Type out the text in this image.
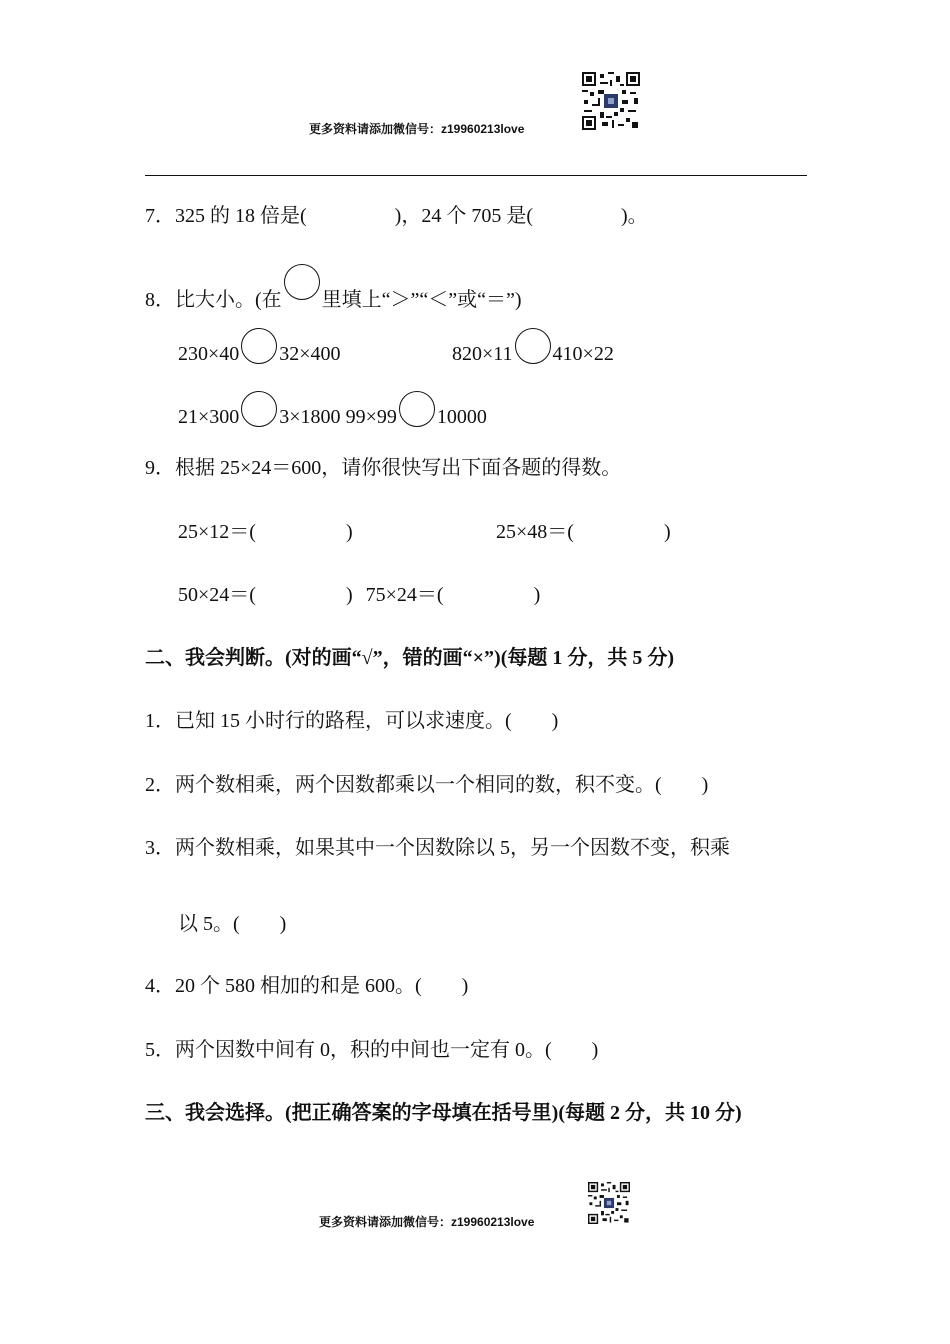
更多资料请添加微信号：z19960213love
7．325 的 18 倍是(	)，24 个 705 是(	)。
8．比大小。(在 里填上“＞”“＜”或“＝”)
230×40 32×400	820×11 410×22
21×300 3×1800 99×99 10000
9．根据 25×24＝600，请你很快写出下面各题的得数。
25×12＝(	)	25×48＝(	)
50×24＝(	) 75×24＝(	)
二、我会判断。(对的画“√”，错的画“×”)(每题 1 分，共 5 分)
1．已知 15 小时行的路程，可以求速度。(　　)
2．两个数相乘，两个因数都乘以一个相同的数，积不变。(　　)
3．两个数相乘，如果其中一个因数除以 5，另一个因数不变，积乘
以 5。(　　)
4．20 个 580 相加的和是 600。(　　)
5．两个因数中间有 0，积的中间也一定有 0。(　　)
三、我会选择。(把正确答案的字母填在括号里)(每题 2 分，共 10 分)
更多资料请添加微信号：z19960213love
